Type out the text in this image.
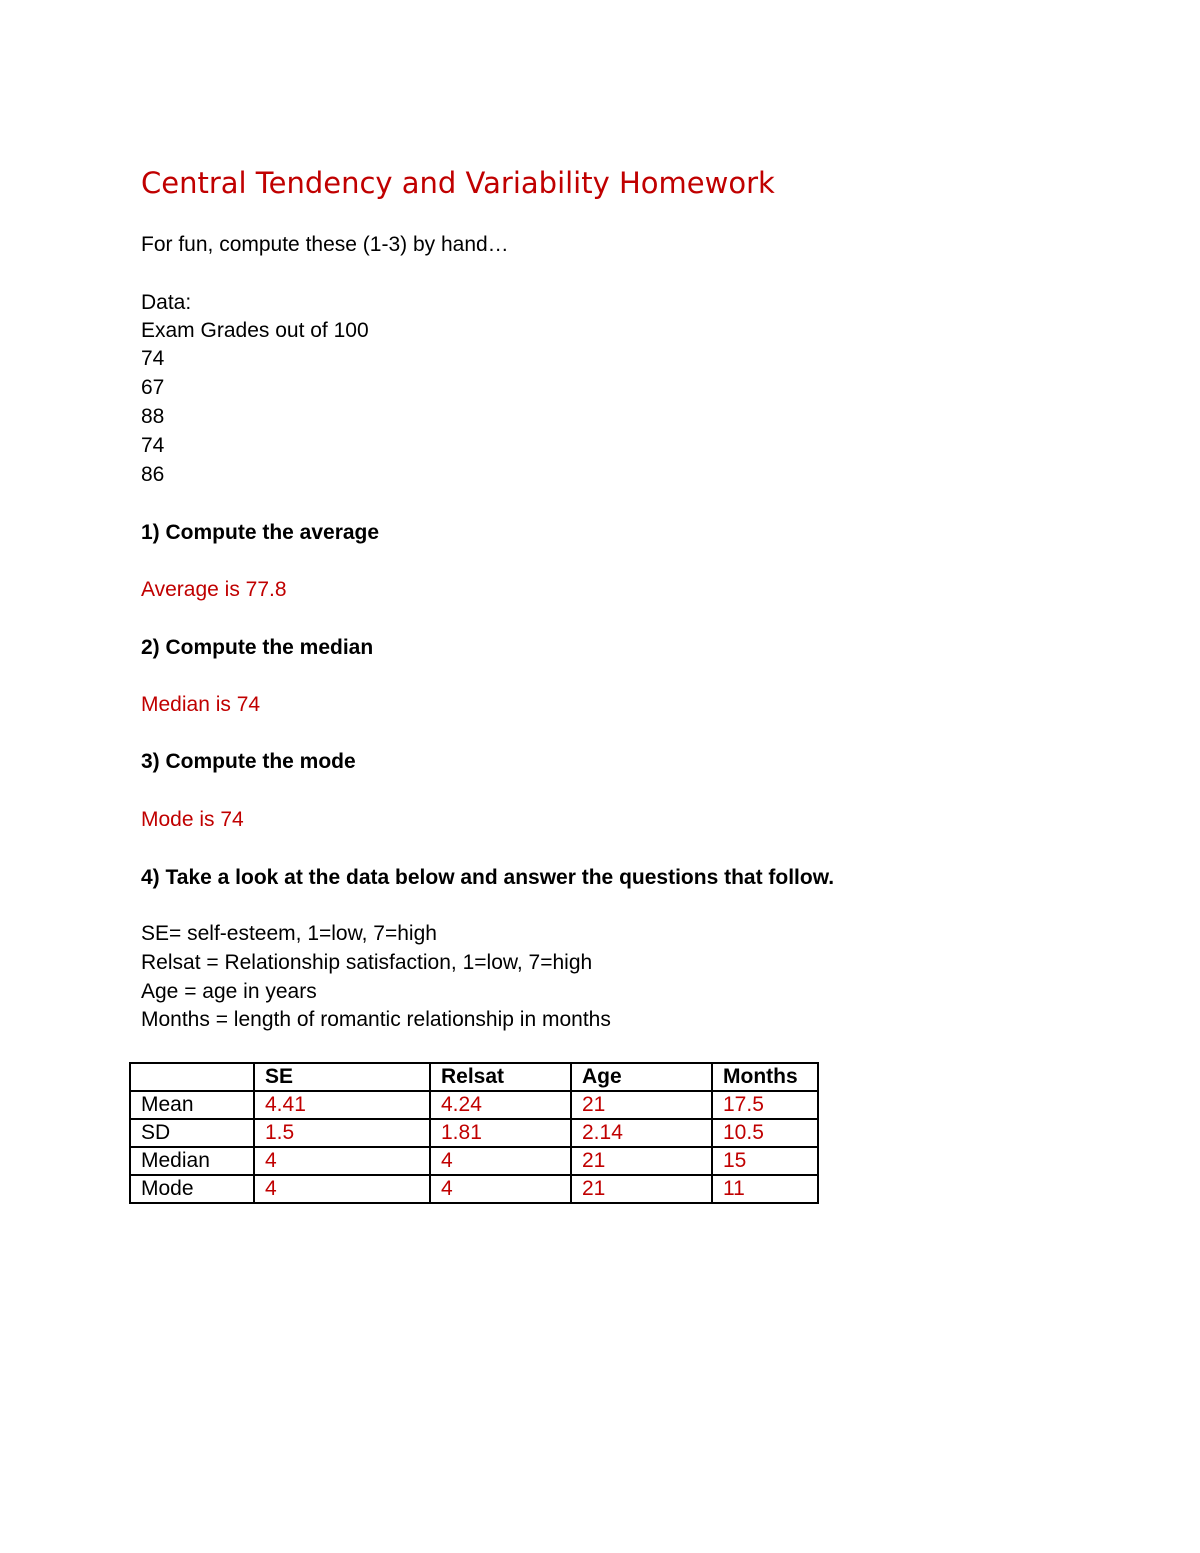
Central Tendency and Variability Homework
For fun, compute these (1-3) by hand…
Data:
Exam Grades out of 100
74
67
88
74
86
1) Compute the average
Average is 77.8
2) Compute the median
Median is 74
3) Compute the mode
Mode is 74
4) Take a look at the data below and answer the questions that follow.
SE= self-esteem, 1=low, 7=high
Relsat = Relationship satisfaction, 1=low, 7=high
Age = age in years
Months = length of romantic relationship in months
	SE	Relsat	Age	Months
Mean	4.41	4.24	21	17.5
SD	1.5	1.81	2.14	10.5
Median	4	4	21	15
Mode	4	4	21	11
